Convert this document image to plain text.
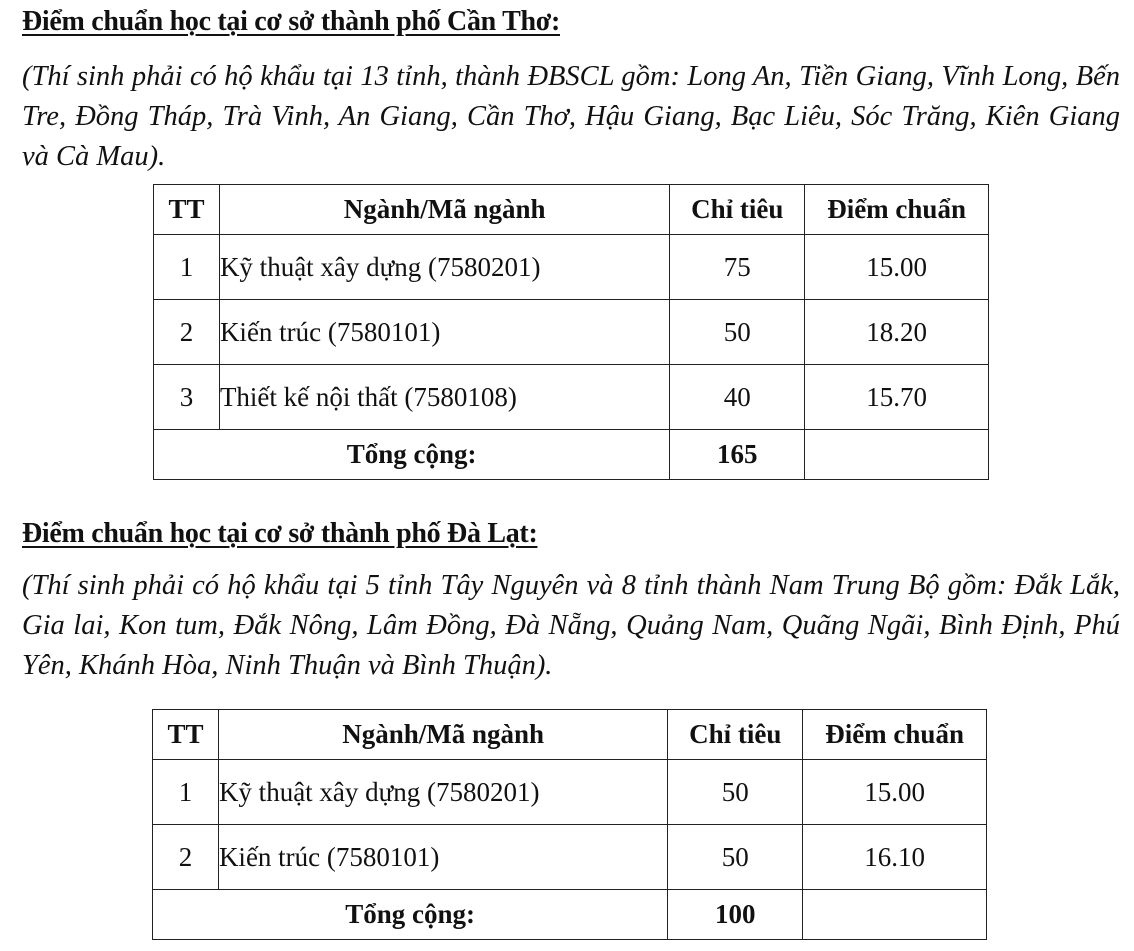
Điểm chuẩn học tại cơ sở thành phố Cần Thơ:

(Thí sinh phải có hộ khẩu tại 13 tỉnh, thành ĐBSCL gồm: Long An, Tiền Giang, Vĩnh Long, Bến Tre, Đồng Tháp, Trà Vinh, An Giang, Cần Thơ, Hậu Giang, Bạc Liêu, Sóc Trăng, Kiên Giang và Cà Mau).

TT	Ngành/Mã ngành	Chỉ tiêu	Điểm chuẩn
1	Kỹ thuật xây dựng (7580201)	75	15.00
2	Kiến trúc (7580101)	50	18.20
3	Thiết kế nội thất (7580108)	40	15.70
Tổng cộng:		165	
Điểm chuẩn học tại cơ sở thành phố Đà Lạt:

(Thí sinh phải có hộ khẩu tại 5 tỉnh Tây Nguyên và 8 tỉnh thành Nam Trung Bộ gồm: Đắk Lắk, Gia lai, Kon tum, Đắk Nông, Lâm Đồng, Đà Nẵng, Quảng Nam, Quãng Ngãi, Bình Định, Phú Yên, Khánh Hòa, Ninh Thuận và Bình Thuận).

TT	Ngành/Mã ngành	Chỉ tiêu	Điểm chuẩn
1	Kỹ thuật xây dựng (7580201)	50	15.00
2	Kiến trúc (7580101)	50	16.10
Tổng cộng:		100	
